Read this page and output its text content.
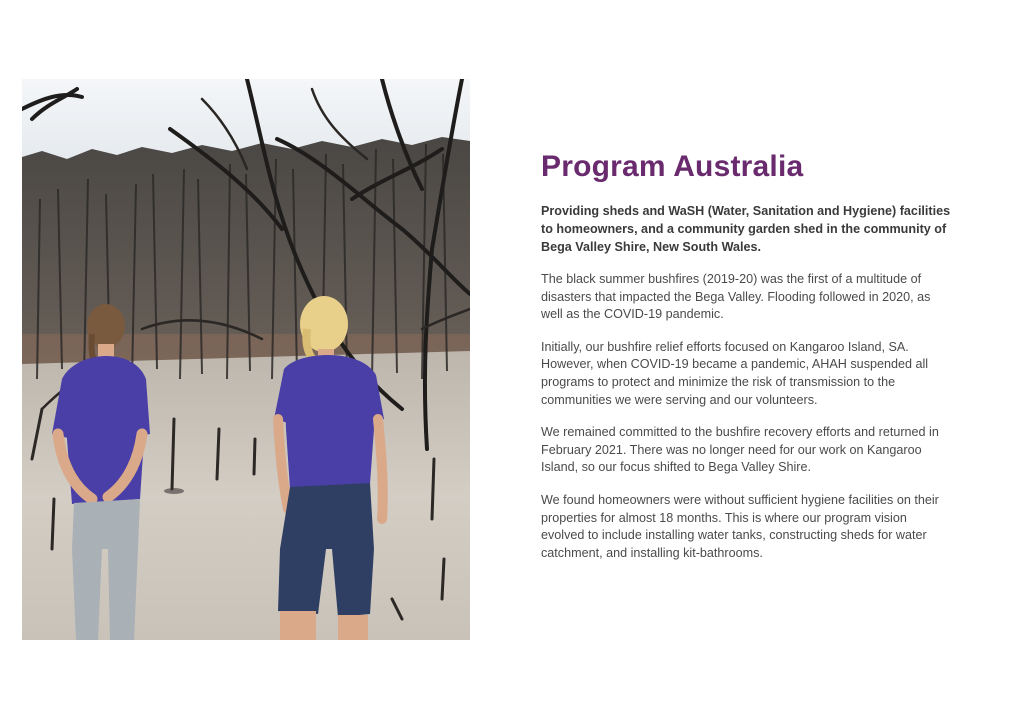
Program Australia

Providing sheds and WaSH (Water, Sanitation and Hygiene) facilities to homeowners, and a community garden shed in the community of Bega Valley Shire, New South Wales.

The black summer bushfires (2019-20) was the first of a multitude of disasters that impacted the Bega Valley. Flooding followed in 2020, as well as the COVID-19 pandemic.

Initially, our bushfire relief efforts focused on Kangaroo Island, SA. However, when COVID-19 became a pandemic, AHAH suspended all programs to protect and minimize the risk of transmission to the communities we were serving and our volunteers.

We remained committed to the bushfire recovery efforts and returned in February 2021. There was no longer need for our work on Kangaroo Island, so our focus shifted to Bega Valley Shire.

We found homeowners were without sufficient hygiene facilities on their properties for almost 18 months. This is where our program vision evolved to include installing water tanks, constructing sheds for water catchment, and installing kit-bathrooms.
